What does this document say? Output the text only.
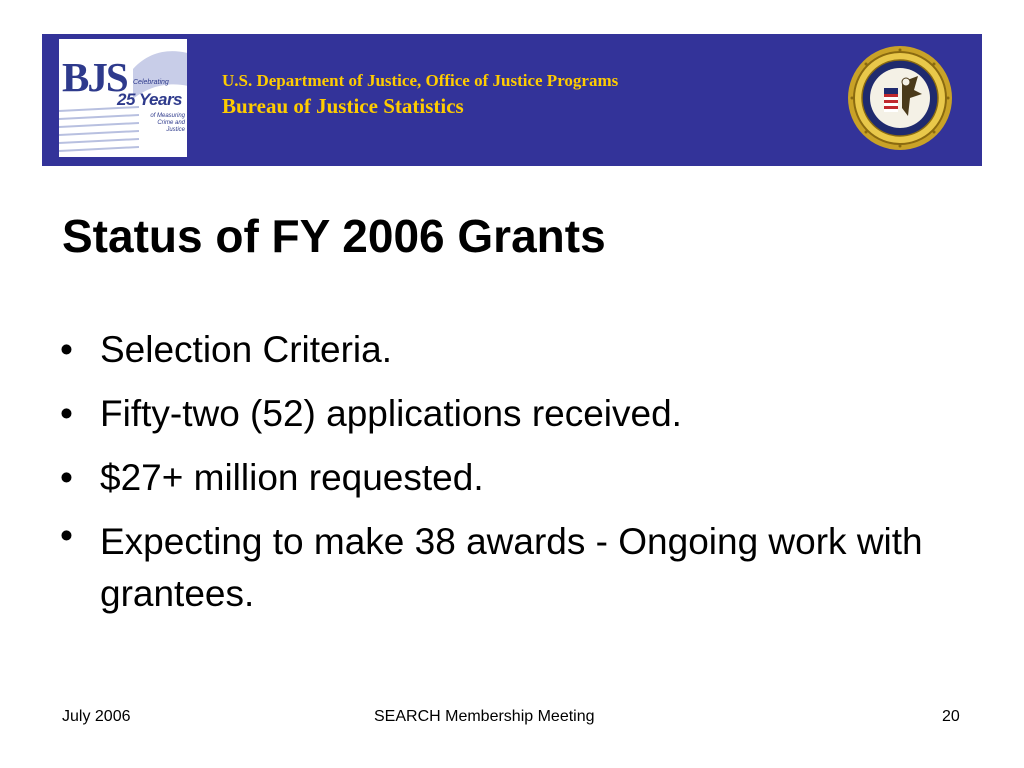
BJS Celebrating
25 Years
of Measuring Crime and Justice
U.S. Department of Justice, Office of Justice Programs
Bureau of Justice Statistics
Status of FY 2006 Grants
• Selection Criteria.
• Fifty-two (52) applications received.
• $27+ million requested.
• Expecting to make 38 awards - Ongoing work with grantees.
July 2006	SEARCH Membership Meeting	20
